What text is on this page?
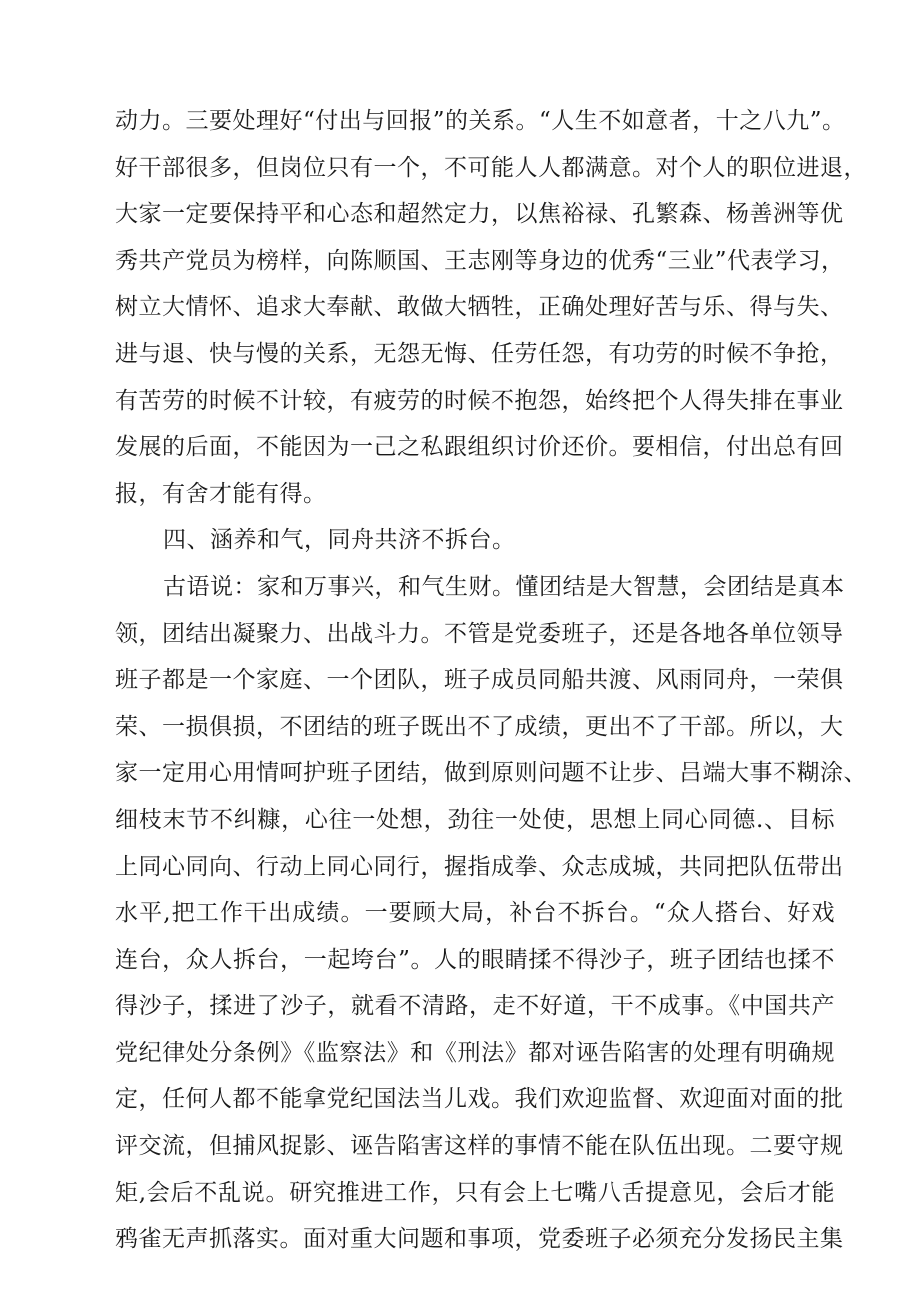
动力。三要处理好“付出与回报”的关系。“人生不如意者，十之八九”。
好干部很多，但岗位只有一个，不可能人人都满意。对个人的职位进退，
大家一定要保持平和心态和超然定力，以焦裕禄、孔繁森、杨善洲等优
秀共产党员为榜样，向陈顺国、王志刚等身边的优秀“三业”代表学习，
树立大情怀、追求大奉献、敢做大牺牲，正确处理好苦与乐、得与失、
进与退、快与慢的关系，无怨无悔、任劳任怨，有功劳的时候不争抢，
有苦劳的时候不计较，有疲劳的时候不抱怨，始终把个人得失排在事业
发展的后面，不能因为一己之私跟组织讨价还价。要相信，付出总有回
报，有舍才能有得。
四、涵养和气，同舟共济不拆台。
古语说：家和万事兴，和气生财。懂团结是大智慧，会团结是真本
领，团结出凝聚力、出战斗力。不管是党委班子，还是各地各单位领导
班子都是一个家庭、一个团队，班子成员同船共渡、风雨同舟，一荣俱
荣、一损俱损，不团结的班子既出不了成绩，更出不了干部。所以，大
家一定用心用情呵护班子团结，做到原则问题不让步、吕端大事不糊涂、
细枝末节不纠糠，心往一处想，劲往一处使，思想上同心同德.、目标
上同心同向、行动上同心同行，握指成拳、众志成城，共同把队伍带出
水平,把工作干出成绩。一要顾大局，补台不拆台。“众人搭台、好戏
连台，众人拆台，一起垮台”。人的眼睛揉不得沙子，班子团结也揉不
得沙子，揉进了沙子，就看不清路，走不好道，干不成事。《中国共产
党纪律处分条例》《监察法》和《刑法》都对诬告陷害的处理有明确规
定，任何人都不能拿党纪国法当儿戏。我们欢迎监督、欢迎面对面的批
评交流，但捕风捉影、诬告陷害这样的事情不能在队伍出现。二要守规
矩,会后不乱说。研究推进工作，只有会上七嘴八舌提意见，会后才能
鸦雀无声抓落实。面对重大问题和事项，党委班子必须充分发扬民主集
